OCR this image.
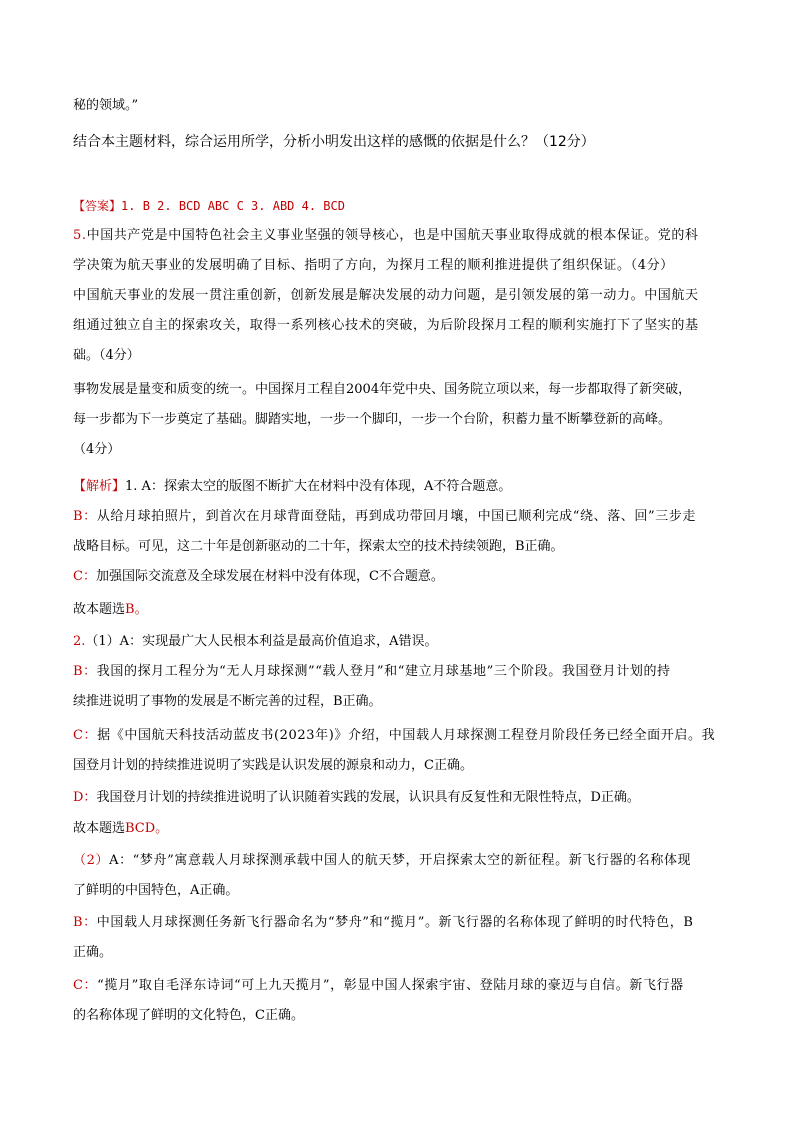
秘的领域。”
结合本主题材料，综合运用所学，分析小明发出这样的感慨的依据是什么？（12分）
【答案】1. B 2. BCD ABC C 3. ABD 4. BCD
5.中国共产党是中国特色社会主义事业坚强的领导核心，也是中国航天事业取得成就的根本保证。党的科
学决策为航天事业的发展明确了目标、指明了方向，为探月工程的顺利推进提供了组织保证。（4分）
中国航天事业的发展一贯注重创新，创新发展是解决发展的动力问题，是引领发展的第一动力。中国航天
组通过独立自主的探索攻关，取得一系列核心技术的突破，为后阶段探月工程的顺利实施打下了坚实的基
础。（4分）
事物发展是量变和质变的统一。中国探月工程自2004年党中央、国务院立项以来，每一步都取得了新突破，
每一步都为下一步奠定了基础。脚踏实地，一步一个脚印，一步一个台阶，积蓄力量不断攀登新的高峰。
（4分）
【解析】1. A：探索太空的版图不断扩大在材料中没有体现，A不符合题意。
B：从给月球拍照片，到首次在月球背面登陆，再到成功带回月壤，中国已顺利完成“绕、落、回”三步走
战略目标。可见，这二十年是创新驱动的二十年，探索太空的技术持续领跑，B正确。
C：加强国际交流意及全球发展在材料中没有体现，C不合题意。
故本题选B。
2.（1）A：实现最广大人民根本利益是最高价值追求，A错误。
B：我国的探月工程分为“无人月球探测”“载人登月”和“建立月球基地”三个阶段。我国登月计划的持
续推进说明了事物的发展是不断完善的过程，B正确。
C：据《中国航天科技活动蓝皮书(2023年)》介绍，中国载人月球探测工程登月阶段任务已经全面开启。我
国登月计划的持续推进说明了实践是认识发展的源泉和动力，C正确。
D：我国登月计划的持续推进说明了认识随着实践的发展，认识具有反复性和无限性特点，D正确。
故本题选BCD。
（2）A：“梦舟”寓意载人月球探测承载中国人的航天梦，开启探索太空的新征程。新飞行器的名称体现
了鲜明的中国特色，A正确。
B：中国载人月球探测任务新飞行器命名为“梦舟”和“揽月”。新飞行器的名称体现了鲜明的时代特色，B
正确。
C：“揽月”取自毛泽东诗词“可上九天揽月”，彰显中国人探索宇宙、登陆月球的豪迈与自信。新飞行器
的名称体现了鲜明的文化特色，C正确。
